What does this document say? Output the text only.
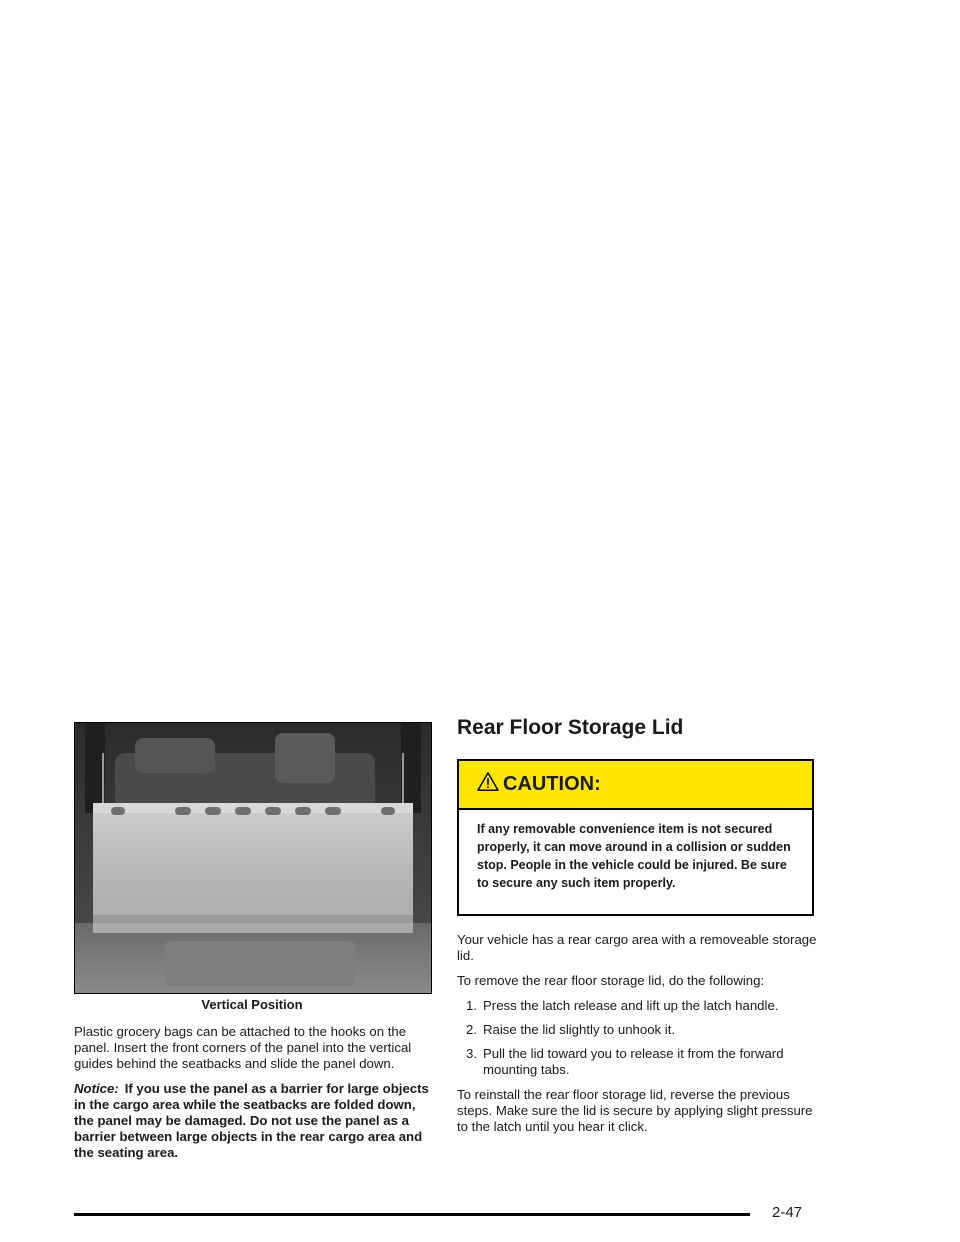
Vertical Position

Plastic grocery bags can be attached to the hooks on the panel. Insert the front corners of the panel into the vertical guides behind the seatbacks and slide the panel down.

Notice: If you use the panel as a barrier for large objects in the cargo area while the seatbacks are folded down, the panel may be damaged. Do not use the panel as a barrier between large objects in the rear cargo area and the seating area.

Rear Floor Storage Lid
CAUTION:
If any removable convenience item is not secured properly, it can move around in a collision or sudden stop. People in the vehicle could be injured. Be sure to secure any such item properly.

Your vehicle has a rear cargo area with a removeable storage lid.

To remove the rear floor storage lid, do the following:

1. Press the latch release and lift up the latch handle.
2. Raise the lid slightly to unhook it.
3. Pull the lid toward you to release it from the forward mounting tabs.

To reinstall the rear floor storage lid, reverse the previous steps. Make sure the lid is secure by applying slight pressure to the latch until you hear it click.

2-47
